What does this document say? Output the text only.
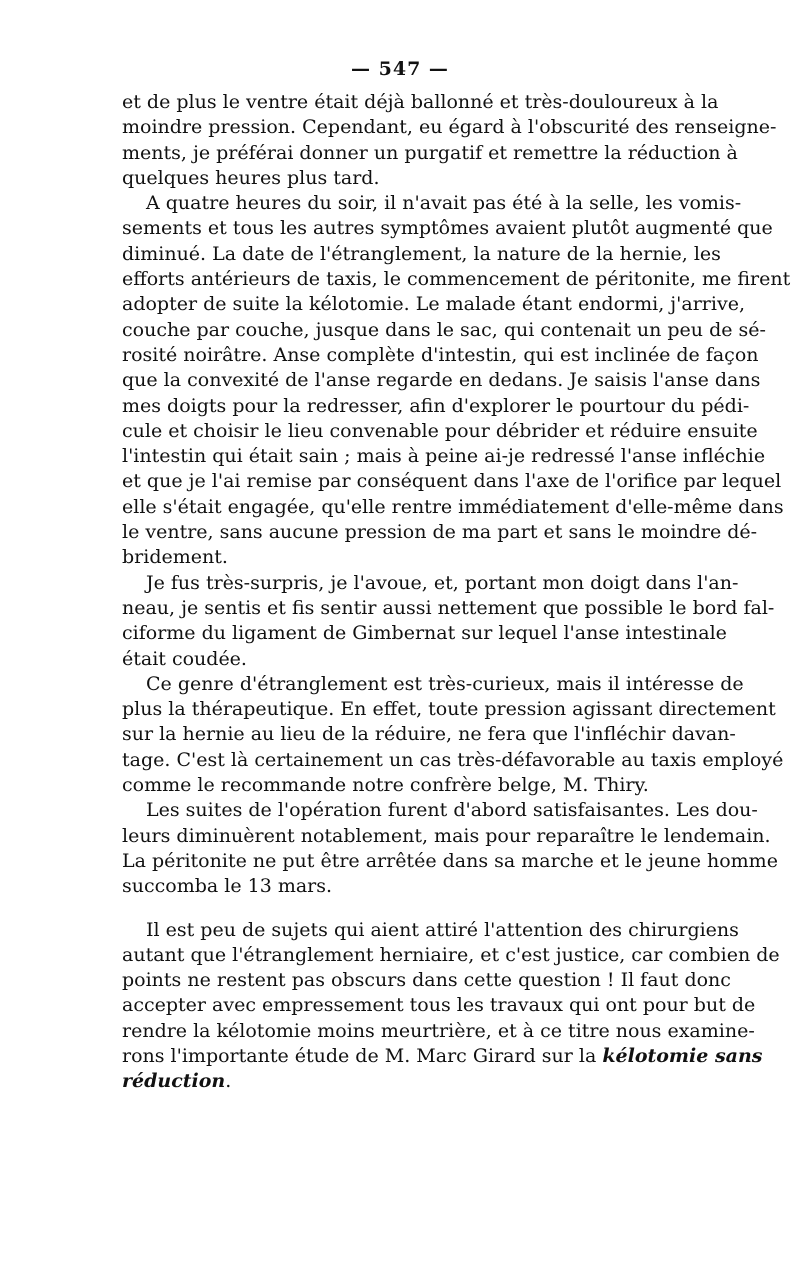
— 547 —
et de plus le ventre était déjà ballonné et très-douloureux à la
moindre pression. Cependant, eu égard à l'obscurité des renseigne-
ments, je préférai donner un purgatif et remettre la réduction à
quelques heures plus tard.
A quatre heures du soir, il n'avait pas été à la selle, les vomis-
sements et tous les autres symptômes avaient plutôt augmenté que
diminué. La date de l'étranglement, la nature de la hernie, les
efforts antérieurs de taxis, le commencement de péritonite, me firent
adopter de suite la kélotomie. Le malade étant endormi, j'arrive,
couche par couche, jusque dans le sac, qui contenait un peu de sé-
rosité noirâtre. Anse complète d'intestin, qui est inclinée de façon
que la convexité de l'anse regarde en dedans. Je saisis l'anse dans
mes doigts pour la redresser, afin d'explorer le pourtour du pédi-
cule et choisir le lieu convenable pour débrider et réduire ensuite
l'intestin qui était sain ; mais à peine ai-je redressé l'anse infléchie
et que je l'ai remise par conséquent dans l'axe de l'orifice par lequel
elle s'était engagée, qu'elle rentre immédiatement d'elle-même dans
le ventre, sans aucune pression de ma part et sans le moindre dé-
bridement.
Je fus très-surpris, je l'avoue, et, portant mon doigt dans l'an-
neau, je sentis et fis sentir aussi nettement que possible le bord fal-
ciforme du ligament de Gimbernat sur lequel l'anse intestinale
était coudée.
Ce genre d'étranglement est très-curieux, mais il intéresse de
plus la thérapeutique. En effet, toute pression agissant directement
sur la hernie au lieu de la réduire, ne fera que l'infléchir davan-
tage. C'est là certainement un cas très-défavorable au taxis employé
comme le recommande notre confrère belge, M. Thiry.
Les suites de l'opération furent d'abord satisfaisantes. Les dou-
leurs diminuèrent notablement, mais pour reparaître le lendemain.
La péritonite ne put être arrêtée dans sa marche et le jeune homme
succomba le 13 mars.
Il est peu de sujets qui aient attiré l'attention des chirurgiens
autant que l'étranglement herniaire, et c'est justice, car combien de
points ne restent pas obscurs dans cette question ! Il faut donc
accepter avec empressement tous les travaux qui ont pour but de
rendre la kélotomie moins meurtrière, et à ce titre nous examine-
rons l'importante étude de M. Marc Girard sur la kélotomie sans
réduction.
